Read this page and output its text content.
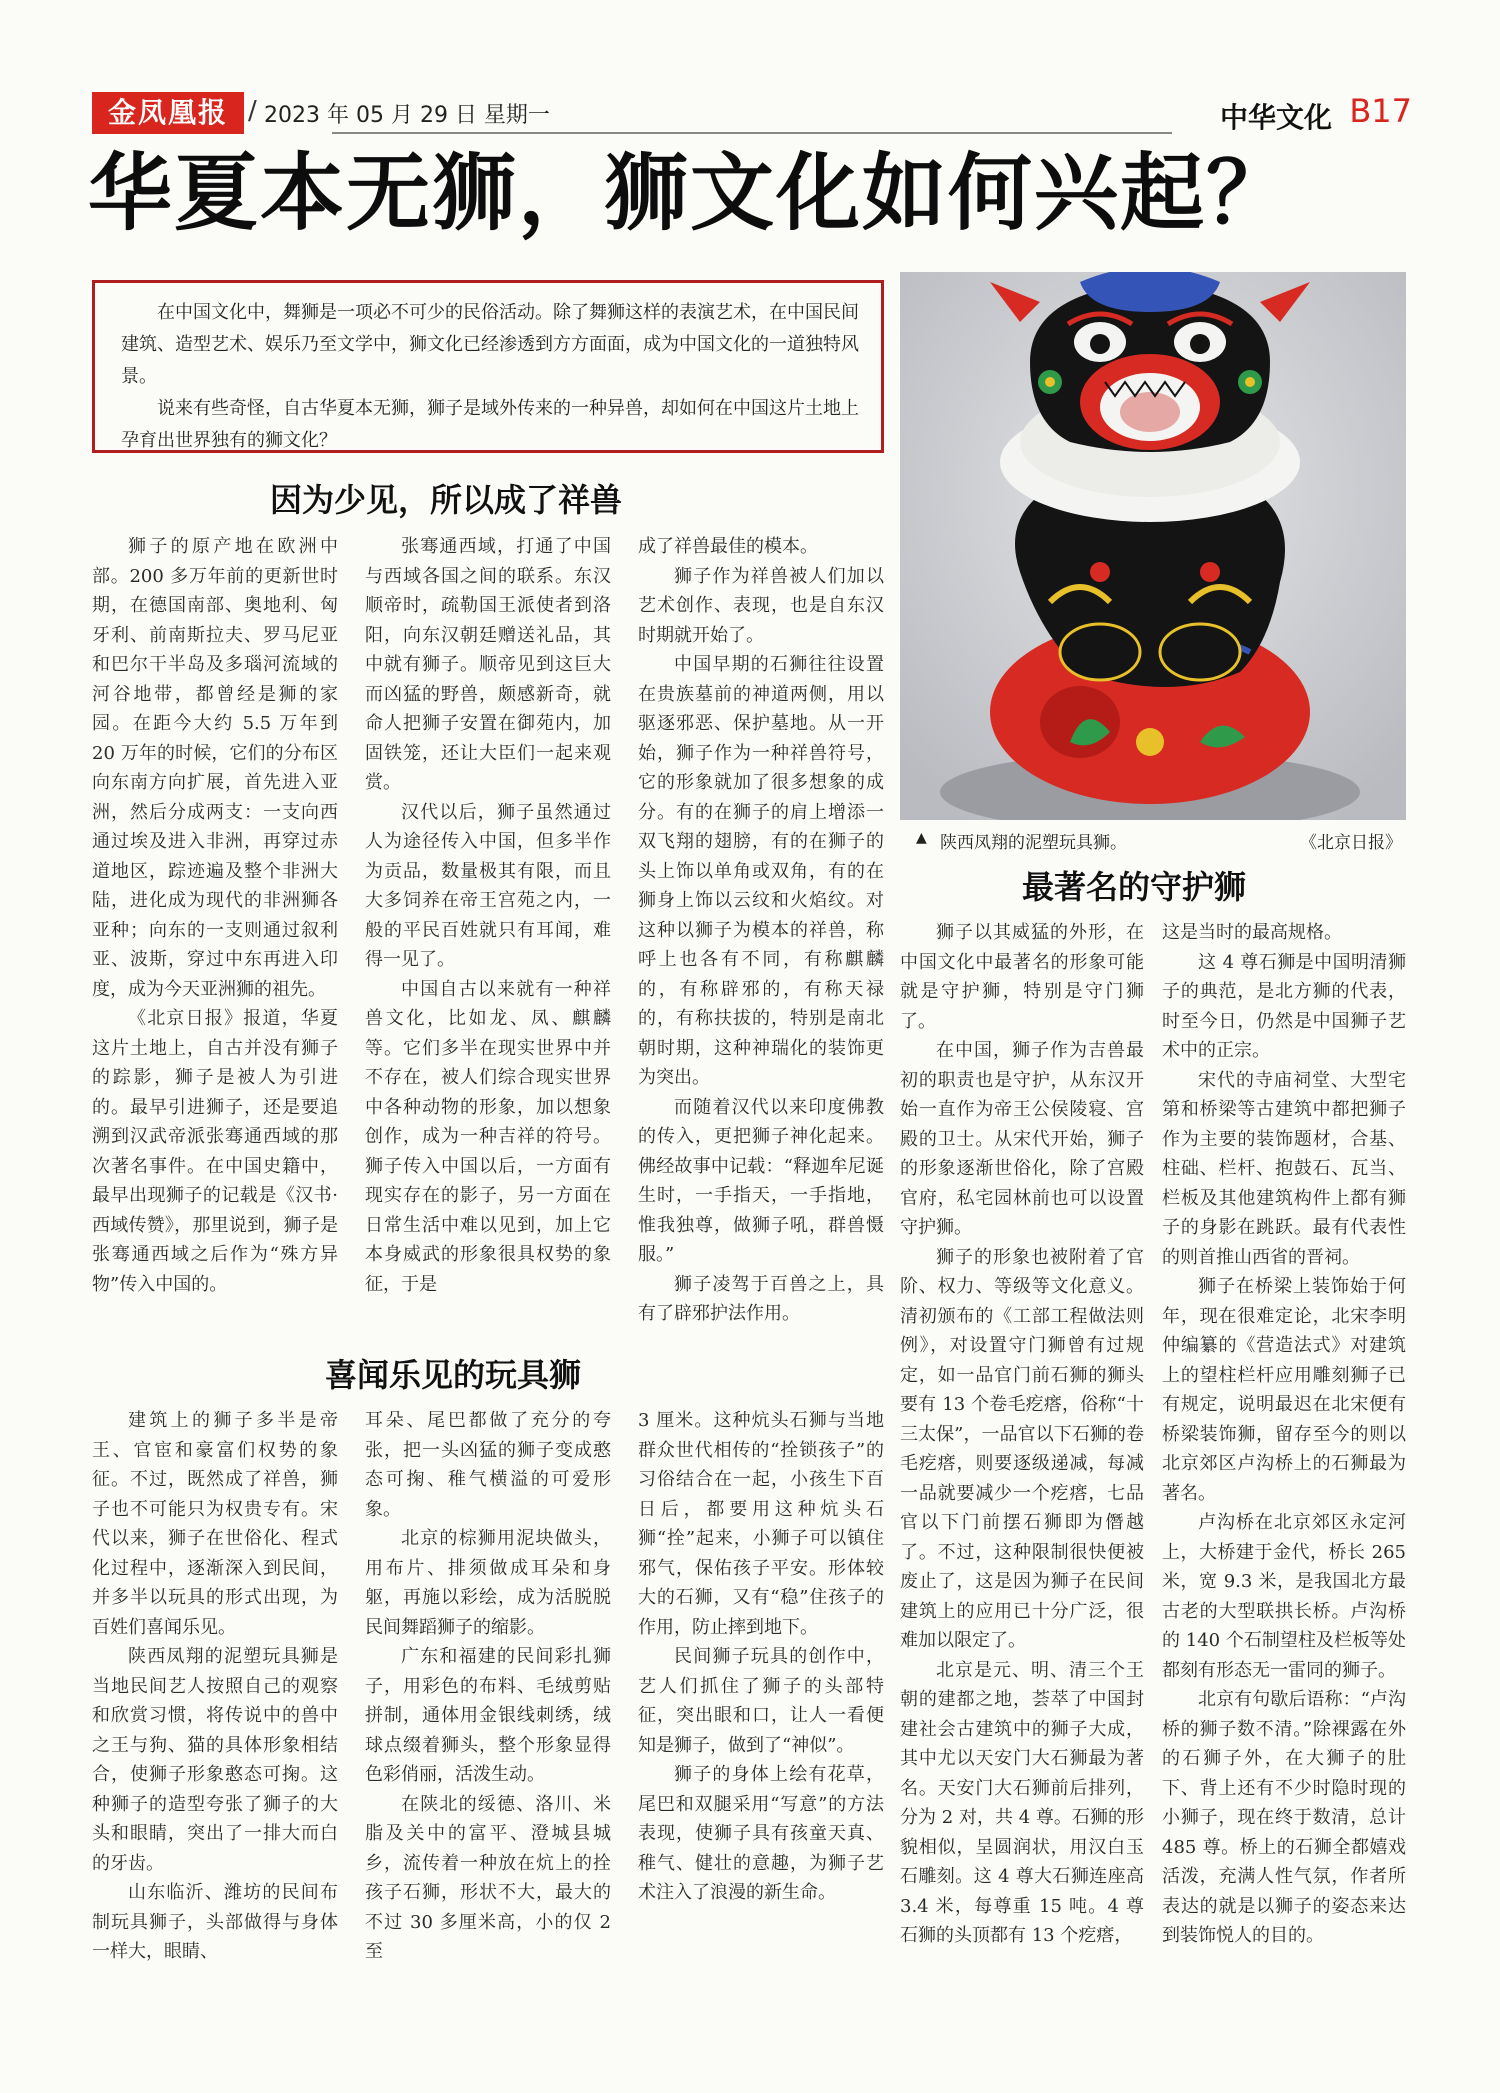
金凤凰报
/	2023 年 05 月 29 日 星期一	中华文化 B17
华夏本无狮，狮文化如何兴起？

在中国文化中，舞狮是一项必不可少的民俗活动。除了舞狮这样的表演艺术，在中国民间建筑、造型艺术、娱乐乃至文学中，狮文化已经渗透到方方面面，成为中国文化的一道独特风景。

说来有些奇怪，自古华夏本无狮，狮子是域外传来的一种异兽，却如何在中国这片土地上孕育出世界独有的狮文化？

▲ 陕西凤翔的泥塑玩具狮。	《北京日报》
因为少见，所以成了祥兽

狮子的原产地在欧洲中部。200 多万年前的更新世时期，在德国南部、奥地利、匈牙利、前南斯拉夫、罗马尼亚和巴尔干半岛及多瑙河流域的河谷地带，都曾经是狮的家园。在距今大约 5.5 万年到 20 万年的时候，它们的分布区向东南方向扩展，首先进入亚洲，然后分成两支：一支向西通过埃及进入非洲，再穿过赤道地区，踪迹遍及整个非洲大陆，进化成为现代的非洲狮各亚种；向东的一支则通过叙利亚、波斯，穿过中东再进入印度，成为今天亚洲狮的祖先。

《北京日报》报道，华夏这片土地上，自古并没有狮子的踪影，狮子是被人为引进的。最早引进狮子，还是要追溯到汉武帝派张骞通西域的那次著名事件。在中国史籍中，最早出现狮子的记载是《汉书·西域传赞》，那里说到，狮子是张骞通西域之后作为“殊方异物”传入中国的。

张骞通西域，打通了中国与西域各国之间的联系。东汉顺帝时，疏勒国王派使者到洛阳，向东汉朝廷赠送礼品，其中就有狮子。顺帝见到这巨大而凶猛的野兽，颇感新奇，就命人把狮子安置在御苑内，加固铁笼，还让大臣们一起来观赏。

汉代以后，狮子虽然通过人为途径传入中国，但多半作为贡品，数量极其有限，而且大多饲养在帝王宫苑之内，一般的平民百姓就只有耳闻，难得一见了。

中国自古以来就有一种祥兽文化，比如龙、凤、麒麟等。它们多半在现实世界中并不存在，被人们综合现实世界中各种动物的形象，加以想象创作，成为一种吉祥的符号。狮子传入中国以后，一方面有现实存在的影子，另一方面在日常生活中难以见到，加上它本身威武的形象很具权势的象征，于是

成了祥兽最佳的模本。

狮子作为祥兽被人们加以艺术创作、表现，也是自东汉时期就开始了。

中国早期的石狮往往设置在贵族墓前的神道两侧，用以驱逐邪恶、保护墓地。从一开始，狮子作为一种祥兽符号，它的形象就加了很多想象的成分。有的在狮子的肩上增添一双飞翔的翅膀，有的在狮子的头上饰以单角或双角，有的在狮身上饰以云纹和火焰纹。对这种以狮子为模本的祥兽，称呼上也各有不同，有称麒麟的，有称辟邪的，有称天禄的，有称扶拔的，特别是南北朝时期，这种神瑞化的装饰更为突出。

而随着汉代以来印度佛教的传入，更把狮子神化起来。佛经故事中记载：“释迦牟尼诞生时，一手指天，一手指地，惟我独尊，做狮子吼，群兽慑服。”

狮子凌驾于百兽之上，具有了辟邪护法作用。

最著名的守护狮

狮子以其威猛的外形，在中国文化中最著名的形象可能就是守护狮，特别是守门狮了。

在中国，狮子作为吉兽最初的职责也是守护，从东汉开始一直作为帝王公侯陵寝、宫殿的卫士。从宋代开始，狮子的形象逐渐世俗化，除了宫殿官府，私宅园林前也可以设置守护狮。

狮子的形象也被附着了官阶、权力、等级等文化意义。清初颁布的《工部工程做法则例》，对设置守门狮曾有过规定，如一品官门前石狮的狮头要有 13 个卷毛疙瘩，俗称“十三太保”，一品官以下石狮的卷毛疙瘩，则要逐级递减，每减一品就要减少一个疙瘩，七品官以下门前摆石狮即为僭越了。不过，这种限制很快便被废止了，这是因为狮子在民间建筑上的应用已十分广泛，很难加以限定了。

北京是元、明、清三个王朝的建都之地，荟萃了中国封建社会古建筑中的狮子大成，其中尤以天安门大石狮最为著名。天安门大石狮前后排列，分为 2 对，共 4 尊。石狮的形貌相似，呈圆润状，用汉白玉石雕刻。这 4 尊大石狮连座高 3.4 米，每尊重 15 吨。4 尊石狮的头顶都有 13 个疙瘩，

这是当时的最高规格。

这 4 尊石狮是中国明清狮子的典范，是北方狮的代表，时至今日，仍然是中国狮子艺术中的正宗。

宋代的寺庙祠堂、大型宅第和桥梁等古建筑中都把狮子作为主要的装饰题材，合基、柱础、栏杆、抱鼓石、瓦当、栏板及其他建筑构件上都有狮子的身影在跳跃。最有代表性的则首推山西省的晋祠。

狮子在桥梁上装饰始于何年，现在很难定论，北宋李明仲编纂的《营造法式》对建筑上的望柱栏杆应用雕刻狮子已有规定，说明最迟在北宋便有桥梁装饰狮，留存至今的则以北京郊区卢沟桥上的石狮最为著名。

卢沟桥在北京郊区永定河上，大桥建于金代，桥长 265 米，宽 9.3 米，是我国北方最古老的大型联拱长桥。卢沟桥的 140 个石制望柱及栏板等处都刻有形态无一雷同的狮子。

北京有句歇后语称：“卢沟桥的狮子数不清。”除裸露在外的石狮子外，在大狮子的肚下、背上还有不少时隐时现的小狮子，现在终于数清，总计485 尊。桥上的石狮全都嬉戏活泼，充满人性气氛，作者所表达的就是以狮子的姿态来达到装饰悦人的目的。

喜闻乐见的玩具狮

建筑上的狮子多半是帝王、官宦和豪富们权势的象征。不过，既然成了祥兽，狮子也不可能只为权贵专有。宋代以来，狮子在世俗化、程式化过程中，逐渐深入到民间，并多半以玩具的形式出现，为百姓们喜闻乐见。

陕西凤翔的泥塑玩具狮是当地民间艺人按照自己的观察和欣赏习惯，将传说中的兽中之王与狗、猫的具体形象相结合，使狮子形象憨态可掬。这种狮子的造型夸张了狮子的大头和眼睛，突出了一排大而白的牙齿。

山东临沂、潍坊的民间布制玩具狮子，头部做得与身体一样大，眼睛、

耳朵、尾巴都做了充分的夸张，把一头凶猛的狮子变成憨态可掬、稚气横溢的可爱形象。

北京的棕狮用泥块做头，用布片、排须做成耳朵和身躯，再施以彩绘，成为活脱脱民间舞蹈狮子的缩影。

广东和福建的民间彩扎狮子，用彩色的布料、毛绒剪贴拼制，通体用金银线刺绣，绒球点缀着狮头，整个形象显得色彩俏丽，活泼生动。

在陕北的绥德、洛川、米脂及关中的富平、澄城县城乡，流传着一种放在炕上的拴孩子石狮，形状不大，最大的不过 30 多厘米高，小的仅 2 至

3 厘米。这种炕头石狮与当地群众世代相传的“拴锁孩子”的习俗结合在一起，小孩生下百日后，都要用这种炕头石狮“拴”起来，小狮子可以镇住邪气，保佑孩子平安。形体较大的石狮，又有“稳”住孩子的作用，防止摔到地下。

民间狮子玩具的创作中，艺人们抓住了狮子的头部特征，突出眼和口，让人一看便知是狮子，做到了“神似”。

狮子的身体上绘有花草，尾巴和双腿采用“写意”的方法表现，使狮子具有孩童天真、稚气、健壮的意趣，为狮子艺术注入了浪漫的新生命。
